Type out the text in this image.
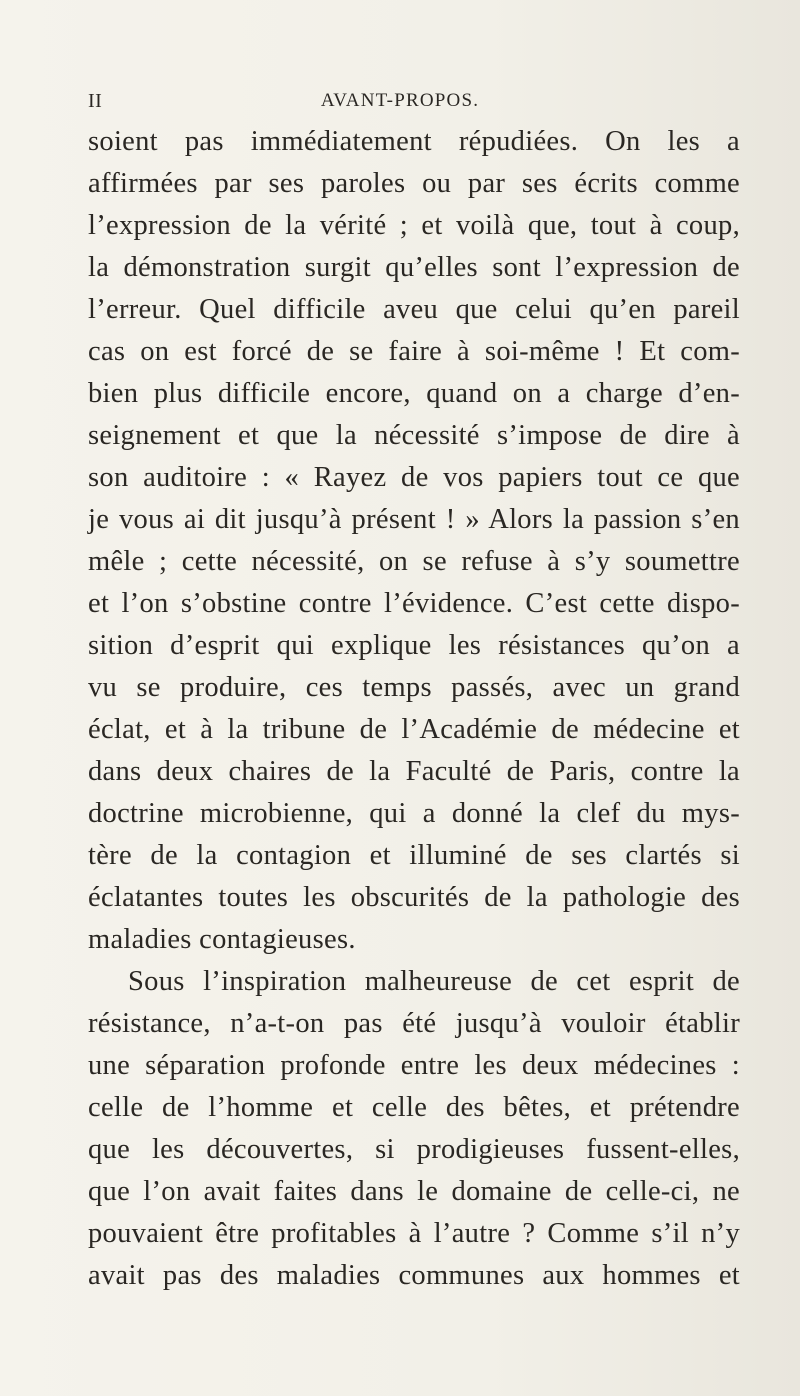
II	AVANT-PROPOS.
soient pas immédiatement répudiées. On les a
affirmées par ses paroles ou par ses écrits comme
l’expression de la vérité ; et voilà que, tout à coup,
la démonstration surgit qu’elles sont l’expression de
l’erreur. Quel difficile aveu que celui qu’en pareil
cas on est forcé de se faire à soi-même ! Et com-
bien plus difficile encore, quand on a charge d’en-
seignement et que la nécessité s’impose de dire à
son auditoire : « Rayez de vos papiers tout ce que
je vous ai dit jusqu’à présent ! » Alors la passion s’en
mêle ; cette nécessité, on se refuse à s’y soumettre
et l’on s’obstine contre l’évidence. C’est cette dispo-
sition d’esprit qui explique les résistances qu’on a
vu se produire, ces temps passés, avec un grand
éclat, et à la tribune de l’Académie de médecine et
dans deux chaires de la Faculté de Paris, contre la
doctrine microbienne, qui a donné la clef du mys-
tère de la contagion et illuminé de ses clartés si
éclatantes toutes les obscurités de la pathologie des
maladies contagieuses.
Sous l’inspiration malheureuse de cet esprit de
résistance, n’a-t-on pas été jusqu’à vouloir établir
une séparation profonde entre les deux médecines :
celle de l’homme et celle des bêtes, et prétendre
que les découvertes, si prodigieuses fussent-elles,
que l’on avait faites dans le domaine de celle-ci, ne
pouvaient être profitables à l’autre ? Comme s’il n’y
avait pas des maladies communes aux hommes et
